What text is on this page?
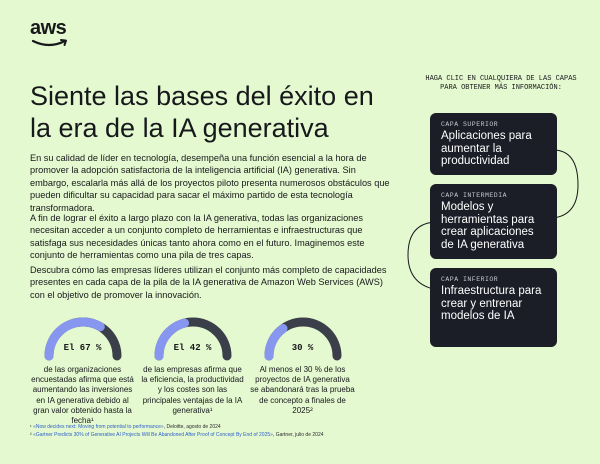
aws
Siente las bases del éxito en la era de la IA generativa

En su calidad de líder en tecnología, desempeña una función esencial a la hora de promover la adopción satisfactoria de la inteligencia artificial (IA) generativa. Sin embargo, escalarla más allá de los proyectos piloto presenta numerosos obstáculos que pueden dificultar su capacidad para sacar el máximo partido de esta tecnología transformadora.

A fin de lograr el éxito a largo plazo con la IA generativa, todas las organizaciones necesitan acceder a un conjunto completo de herramientas e infraestructuras que satisfaga sus necesidades únicas tanto ahora como en el futuro. Imaginemos este conjunto de herramientas como una pila de tres capas.

Descubra cómo las empresas líderes utilizan el conjunto más completo de capacidades presentes en cada capa de la pila de la IA generativa de Amazon Web Services (AWS) con el objetivo de promover la innovación.

El 67 %

de las organizaciones encuestadas afirma que está aumentando las inversiones en IA generativa debido al gran valor obtenido hasta la fecha¹

El 42 %

de las empresas afirma que la eficiencia, la productividad y los costes son las principales ventajas de la IA generativa¹

30 %

Al menos el 30 % de los proyectos de IA generativa se abandonará tras la prueba de concepto a finales de 2025²

¹ «Now decides next: Moving from potential to performance», Deloitte, agosto de 2024
² «Gartner Predicts 30% of Generative AI Projects Will Be Abandoned After Proof of Concept By End of 2025», Gartner, julio de 2024
HAGA CLIC EN CUALQUIERA DE LAS CAPAS PARA OBTENER MÁS INFORMACIÓN:
CAPA SUPERIOR
Aplicaciones para aumentar la productividad
CAPA INTERMEDIA
Modelos y herramientas para crear aplicaciones de IA generativa
CAPA INFERIOR
Infraestructura para crear y entrenar modelos de IA
